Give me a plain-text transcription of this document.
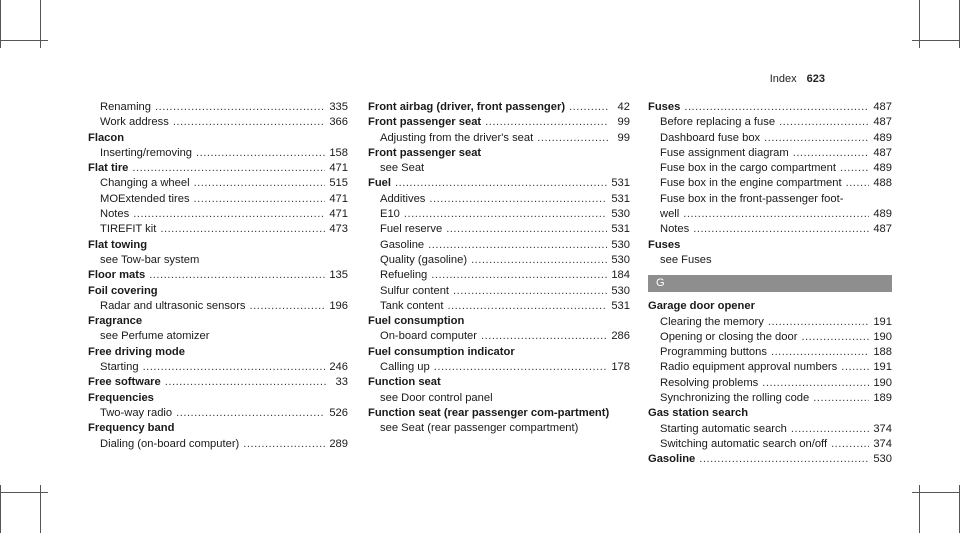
Index 623
Renaming .....	335
Work address .....	366
Flacon
Inserting/removing .....	158
Flat tire .....	471
Changing a wheel .....	515
MOExtended tires .....	471
Notes .....	471
TIREFIT kit .....	473
Flat towing
see Tow-bar system
Floor mats .....	135
Foil covering
Radar and ultrasonic sensors .....	196
Fragrance
see Perfume atomizer
Free driving mode
Starting .....	246
Free software .....	33
Frequencies
Two-way radio .....	526
Frequency band
Dialing (on-board computer) .....	289
Front airbag (driver, front passenger) .....	42
Front passenger seat .....	99
Adjusting from the driver's seat .....	99
Front passenger seat
see Seat
Fuel .....	531
Additives .....	531
E10 .....	530
Fuel reserve .....	531
Gasoline .....	530
Quality (gasoline) .....	530
Refueling .....	184
Sulfur content .....	530
Tank content .....	531
Fuel consumption
On-board computer .....	286
Fuel consumption indicator
Calling up .....	178
Function seat
see Door control panel
Function seat (rear passenger com-partment)
see Seat (rear passenger compartment)
Fuses .....	487
Before replacing a fuse .....	487
Dashboard fuse box .....	489
Fuse assignment diagram .....	487
Fuse box in the cargo compartment .....	489
Fuse box in the engine compartment .....	488
Fuse box in the front-passenger foot-
well .....	489
Notes .....	487
Fuses
see Fuses
G
Garage door opener
Clearing the memory .....	191
Opening or closing the door .....	190
Programming buttons .....	188
Radio equipment approval numbers .....	191
Resolving problems .....	190
Synchronizing the rolling code .....	189
Gas station search
Starting automatic search .....	374
Switching automatic search on/off .....	374
Gasoline .....	530
